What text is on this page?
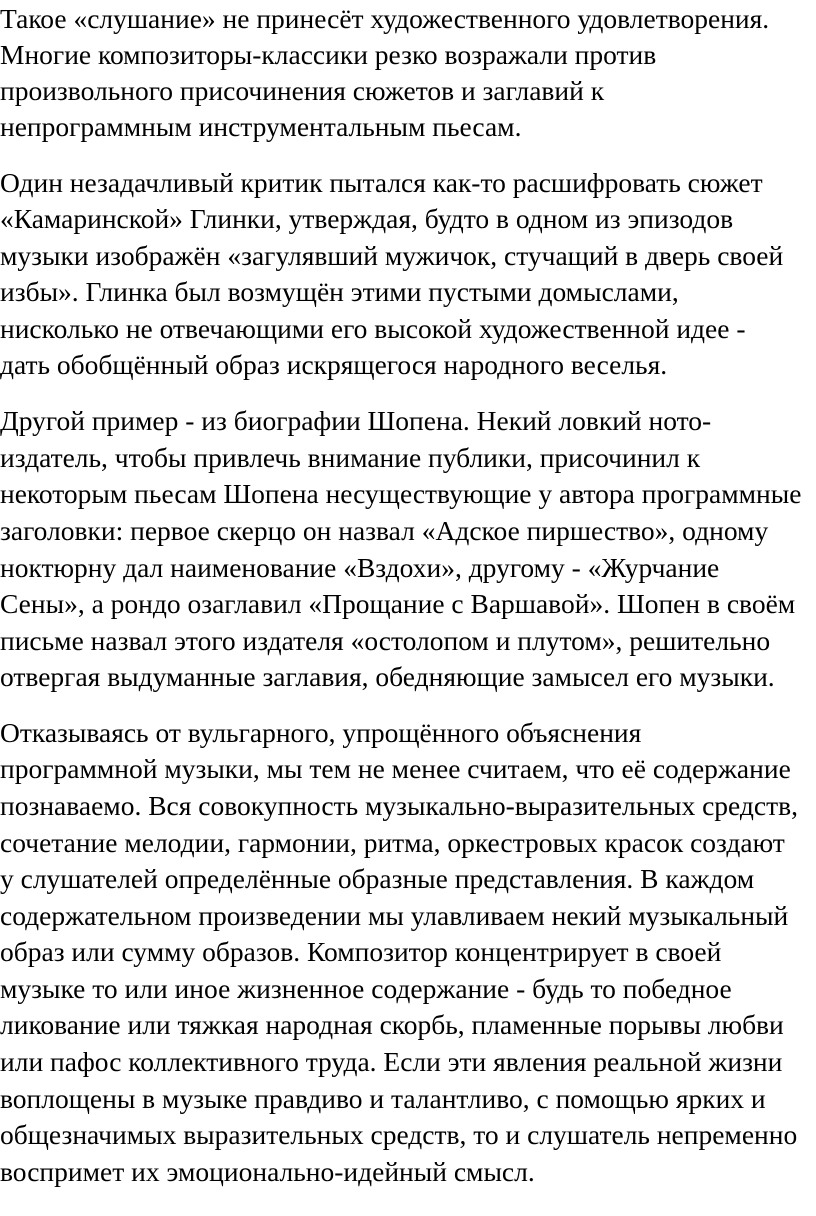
Такое «слушание» не принесёт художественного удовлетворения.
Многие композиторы-классики резко возражали против
произвольного присочинения сюжетов и заглавий к
непрограммным инструментальным пьесам.
Один незадачливый критик пытался как-то расшифровать сюжет
«Камаринской» Глинки, утверждая, будто в одном из эпизодов
музыки изображён «загулявший мужичок, стучащий в дверь своей
избы». Глинка был возмущён этими пустыми домыслами,
нисколько не отвечающими его высокой художественной идее -
дать обобщённый образ искрящегося народного веселья.
Другой пример - из биографии Шопена. Некий ловкий ното-
издатель, чтобы привлечь внимание публики, присочинил к
некоторым пьесам Шопена несуществующие у автора программные
заголовки: первое скерцо он назвал «Адское пиршество», одному
ноктюрну дал наименование «Вздохи», другому - «Журчание
Сены», а рондо озаглавил «Прощание с Варшавой». Шопен в своём
письме назвал этого издателя «остолопом и плутом», решительно
отвергая выдуманные заглавия, обедняющие замысел его музыки.
Отказываясь от вульгарного, упрощённого объяснения
программной музыки, мы тем не менее считаем, что её содержание
познаваемо. Вся совокупность музыкально-выразительных средств,
сочетание мелодии, гармонии, ритма, оркестровых красок создают
у слушателей определённые образные представления. В каждом
содержательном произведении мы улавливаем некий музыкальный
образ или сумму образов. Композитор концентрирует в своей
музыке то или иное жизненное содержание - будь то победное
ликование или тяжкая народная скорбь, пламенные порывы любви
или пафос коллективного труда. Если эти явления реальной жизни
воплощены в музыке правдиво и талантливо, с помощью ярких и
общезначимых выразительных средств, то и слушатель непременно
воспримет их эмоционально-идейный смысл.
